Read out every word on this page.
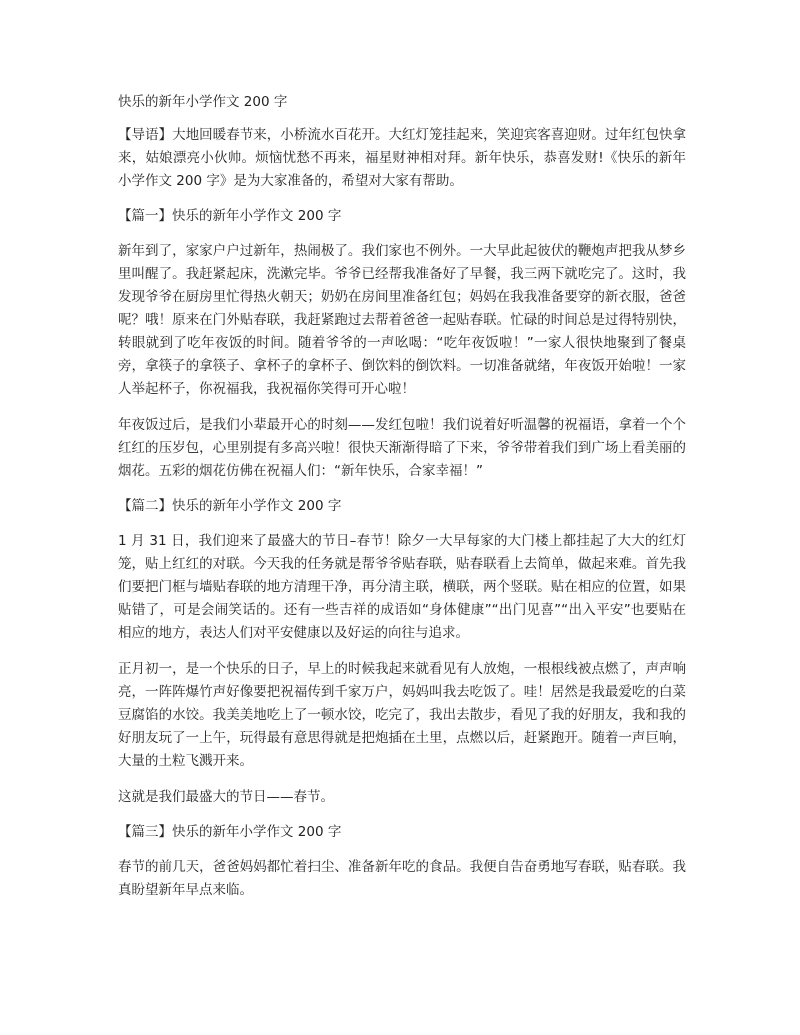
快乐的新年小学作文 200 字
【导语】大地回暖春节来，小桥流水百花开。大红灯笼挂起来，笑迎宾客喜迎财。过年红包快拿来，姑娘漂亮小伙帅。烦恼忧愁不再来，福星财神相对拜。新年快乐，恭喜发财!《快乐的新年小学作文 200 字》是为大家准备的，希望对大家有帮助。
【篇一】快乐的新年小学作文 200 字
新年到了，家家户户过新年，热闹极了。我们家也不例外。一大早此起彼伏的鞭炮声把我从梦乡里叫醒了。我赶紧起床，洗漱完毕。爷爷已经帮我准备好了早餐，我三两下就吃完了。这时，我发现爷爷在厨房里忙得热火朝天；奶奶在房间里准备红包；妈妈在我我准备要穿的新衣服，爸爸呢？哦！原来在门外贴春联，我赶紧跑过去帮着爸爸一起贴春联。忙碌的时间总是过得特别快，转眼就到了吃年夜饭的时间。随着爷爷的一声吆喝：“吃年夜饭啦！”一家人很快地聚到了餐桌旁，拿筷子的拿筷子、拿杯子的拿杯子、倒饮料的倒饮料。一切准备就绪，年夜饭开始啦！一家人举起杯子，你祝福我，我祝福你笑得可开心啦！
年夜饭过后，是我们小辈最开心的时刻——发红包啦！我们说着好听温馨的祝福语，拿着一个个红红的压岁包，心里别提有多高兴啦！很快天渐渐得暗了下来，爷爷带着我们到广场上看美丽的烟花。五彩的烟花仿佛在祝福人们：“新年快乐，合家幸福！”
【篇二】快乐的新年小学作文 200 字
1 月 31 日，我们迎来了最盛大的节日–春节！除夕一大早每家的大门楼上都挂起了大大的红灯笼，贴上红红的对联。今天我的任务就是帮爷爷贴春联，贴春联看上去简单，做起来难。首先我们要把门框与墙贴春联的地方清理干净，再分清主联，横联，两个竖联。贴在相应的位置，如果贴错了，可是会闹笑话的。还有一些吉祥的成语如“身体健康”“出门见喜”“出入平安”也要贴在相应的地方，表达人们对平安健康以及好运的向往与追求。
正月初一，是一个快乐的日子，早上的时候我起来就看见有人放炮，一根根线被点燃了，声声响亮，一阵阵爆竹声好像要把祝福传到千家万户，妈妈叫我去吃饭了。哇！居然是我最爱吃的白菜豆腐馅的水饺。我美美地吃上了一顿水饺，吃完了，我出去散步，看见了我的好朋友，我和我的好朋友玩了一上午，玩得最有意思得就是把炮插在土里，点燃以后，赶紧跑开。随着一声巨响，大量的土粒飞溅开来。
这就是我们最盛大的节日——春节。
【篇三】快乐的新年小学作文 200 字
春节的前几天，爸爸妈妈都忙着扫尘、准备新年吃的食品。我便自告奋勇地写春联，贴春联。我真盼望新年早点来临。
